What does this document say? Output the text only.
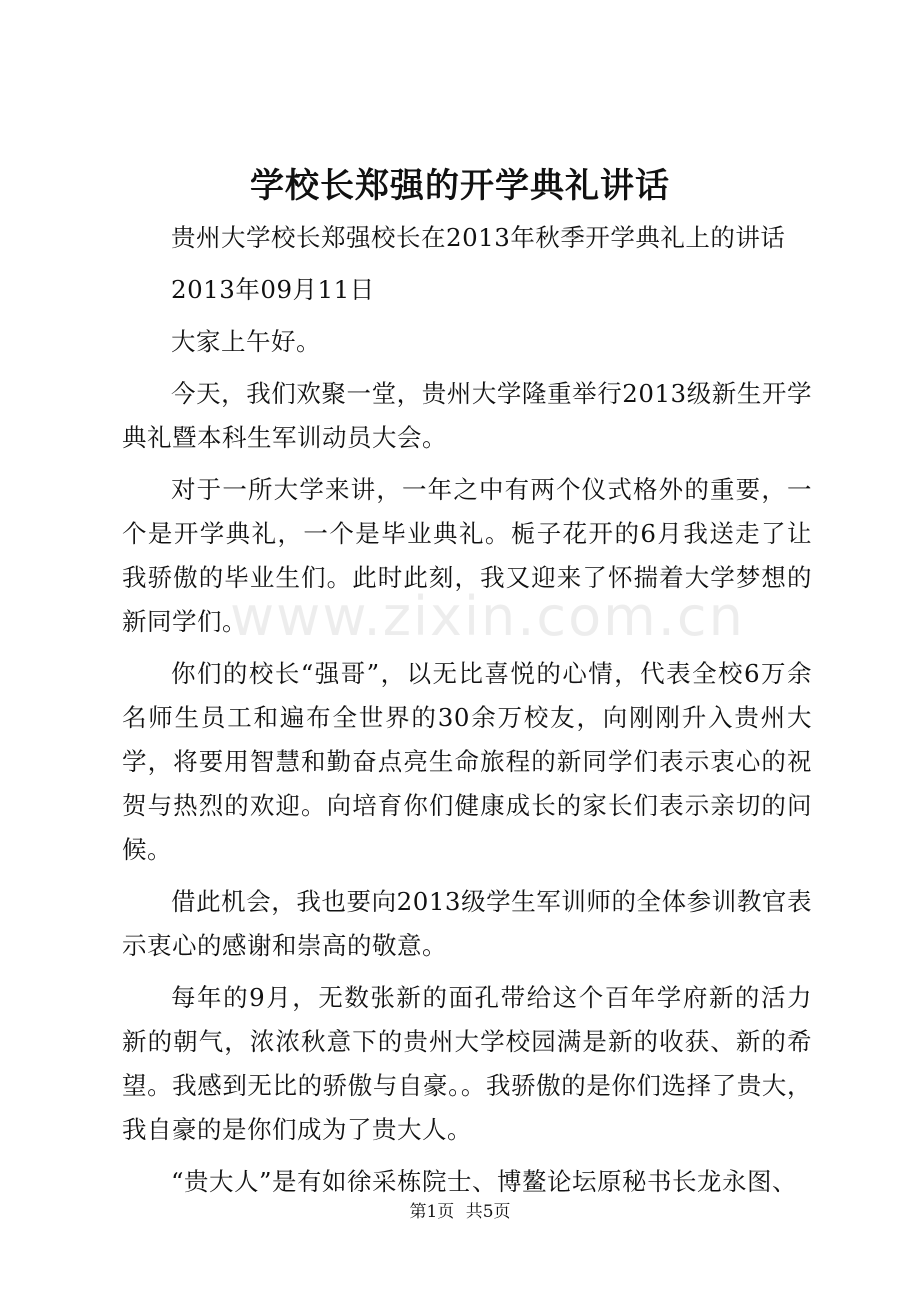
学校长郑强的开学典礼讲话

贵州大学校长郑强校长在2013年秋季开学典礼上的讲话

2013年09月11日

大家上午好。

今天，我们欢聚一堂，贵州大学隆重举行2013级新生开学典礼暨本科生军训动员大会。

对于一所大学来讲，一年之中有两个仪式格外的重要，一个是开学典礼，一个是毕业典礼。栀子花开的6月我送走了让我骄傲的毕业生们。此时此刻，我又迎来了怀揣着大学梦想的新同学们。

你们的校长“强哥”，以无比喜悦的心情，代表全校6万余名师生员工和遍布全世界的30余万校友，向刚刚升入贵州大学，将要用智慧和勤奋点亮生命旅程的新同学们表示衷心的祝贺与热烈的欢迎。向培育你们健康成长的家长们表示亲切的问候。

借此机会，我也要向2013级学生军训师的全体参训教官表示衷心的感谢和崇高的敬意。

每年的9月，无数张新的面孔带给这个百年学府新的活力新的朝气，浓浓秋意下的贵州大学校园满是新的收获、新的希望。我感到无比的骄傲与自豪。。我骄傲的是你们选择了贵大，我自豪的是你们成为了贵大人。

“贵大人”是有如徐采栋院士、博鳌论坛原秘书长龙永图、

www.zixin.com.cn
第1页 共5页
